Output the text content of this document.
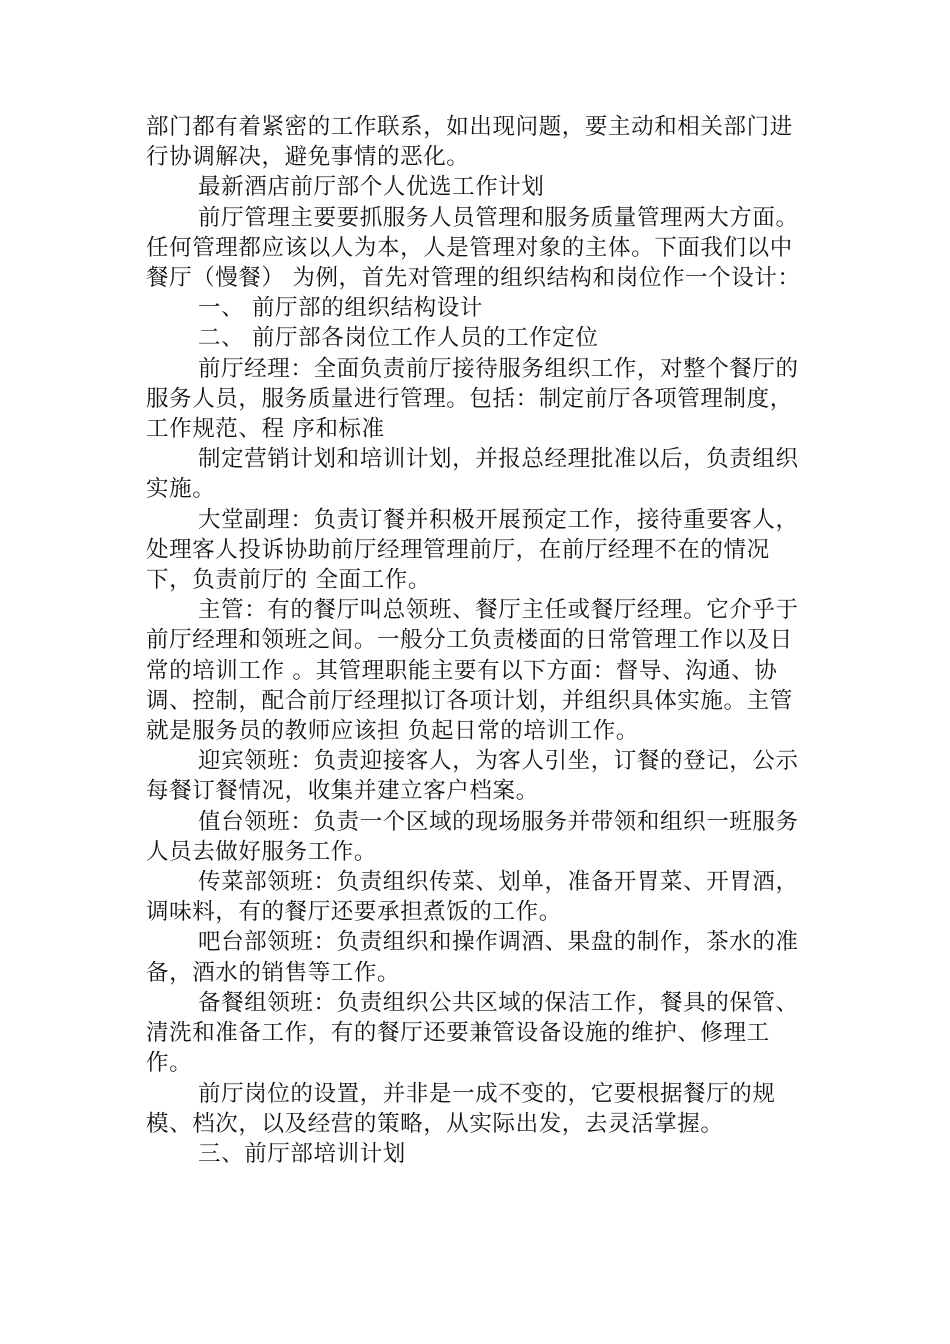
部门都有着紧密的工作联系，如出现问题，要主动和相关部门进行协调解决，避免事情的恶化。

最新酒店前厅部个人优选工作计划

前厅管理主要要抓服务人员管理和服务质量管理两大方面。任何管理都应该以人为本，人是管理对象的主体。下面我们以中餐厅（慢餐） 为例，首先对管理的组织结构和岗位作一个设计：

一、 前厅部的组织结构设计

二、 前厅部各岗位工作人员的工作定位

前厅经理：全面负责前厅接待服务组织工作，对整个餐厅的服务人员，服务质量进行管理。包括：制定前厅各项管理制度，工作规范、程 序和标准

制定营销计划和培训计划，并报总经理批准以后，负责组织实施。

大堂副理：负责订餐并积极开展预定工作，接待重要客人，处理客人投诉协助前厅经理管理前厅，在前厅经理不在的情况下，负责前厅的 全面工作。

主管：有的餐厅叫总领班、餐厅主任或餐厅经理。它介乎于前厅经理和领班之间。一般分工负责楼面的日常管理工作以及日常的培训工作 。其管理职能主要有以下方面：督导、沟通、协调、控制，配合前厅经理拟订各项计划，并组织具体实施。主管就是服务员的教师应该担 负起日常的培训工作。

迎宾领班：负责迎接客人，为客人引坐，订餐的登记，公示每餐订餐情况，收集并建立客户档案。

值台领班：负责一个区域的现场服务并带领和组织一班服务人员去做好服务工作。

传菜部领班：负责组织传菜、划单，准备开胃菜、开胃酒，调味料，有的餐厅还要承担煮饭的工作。

吧台部领班：负责组织和操作调酒、果盘的制作，茶水的准备，酒水的销售等工作。

备餐组领班：负责组织公共区域的保洁工作，餐具的保管、清洗和准备工作，有的餐厅还要兼管设备设施的维护、修理工作。

前厅岗位的设置，并非是一成不变的，它要根据餐厅的规模、档次，以及经营的策略，从实际出发，去灵活掌握。

三、前厅部培训计划
